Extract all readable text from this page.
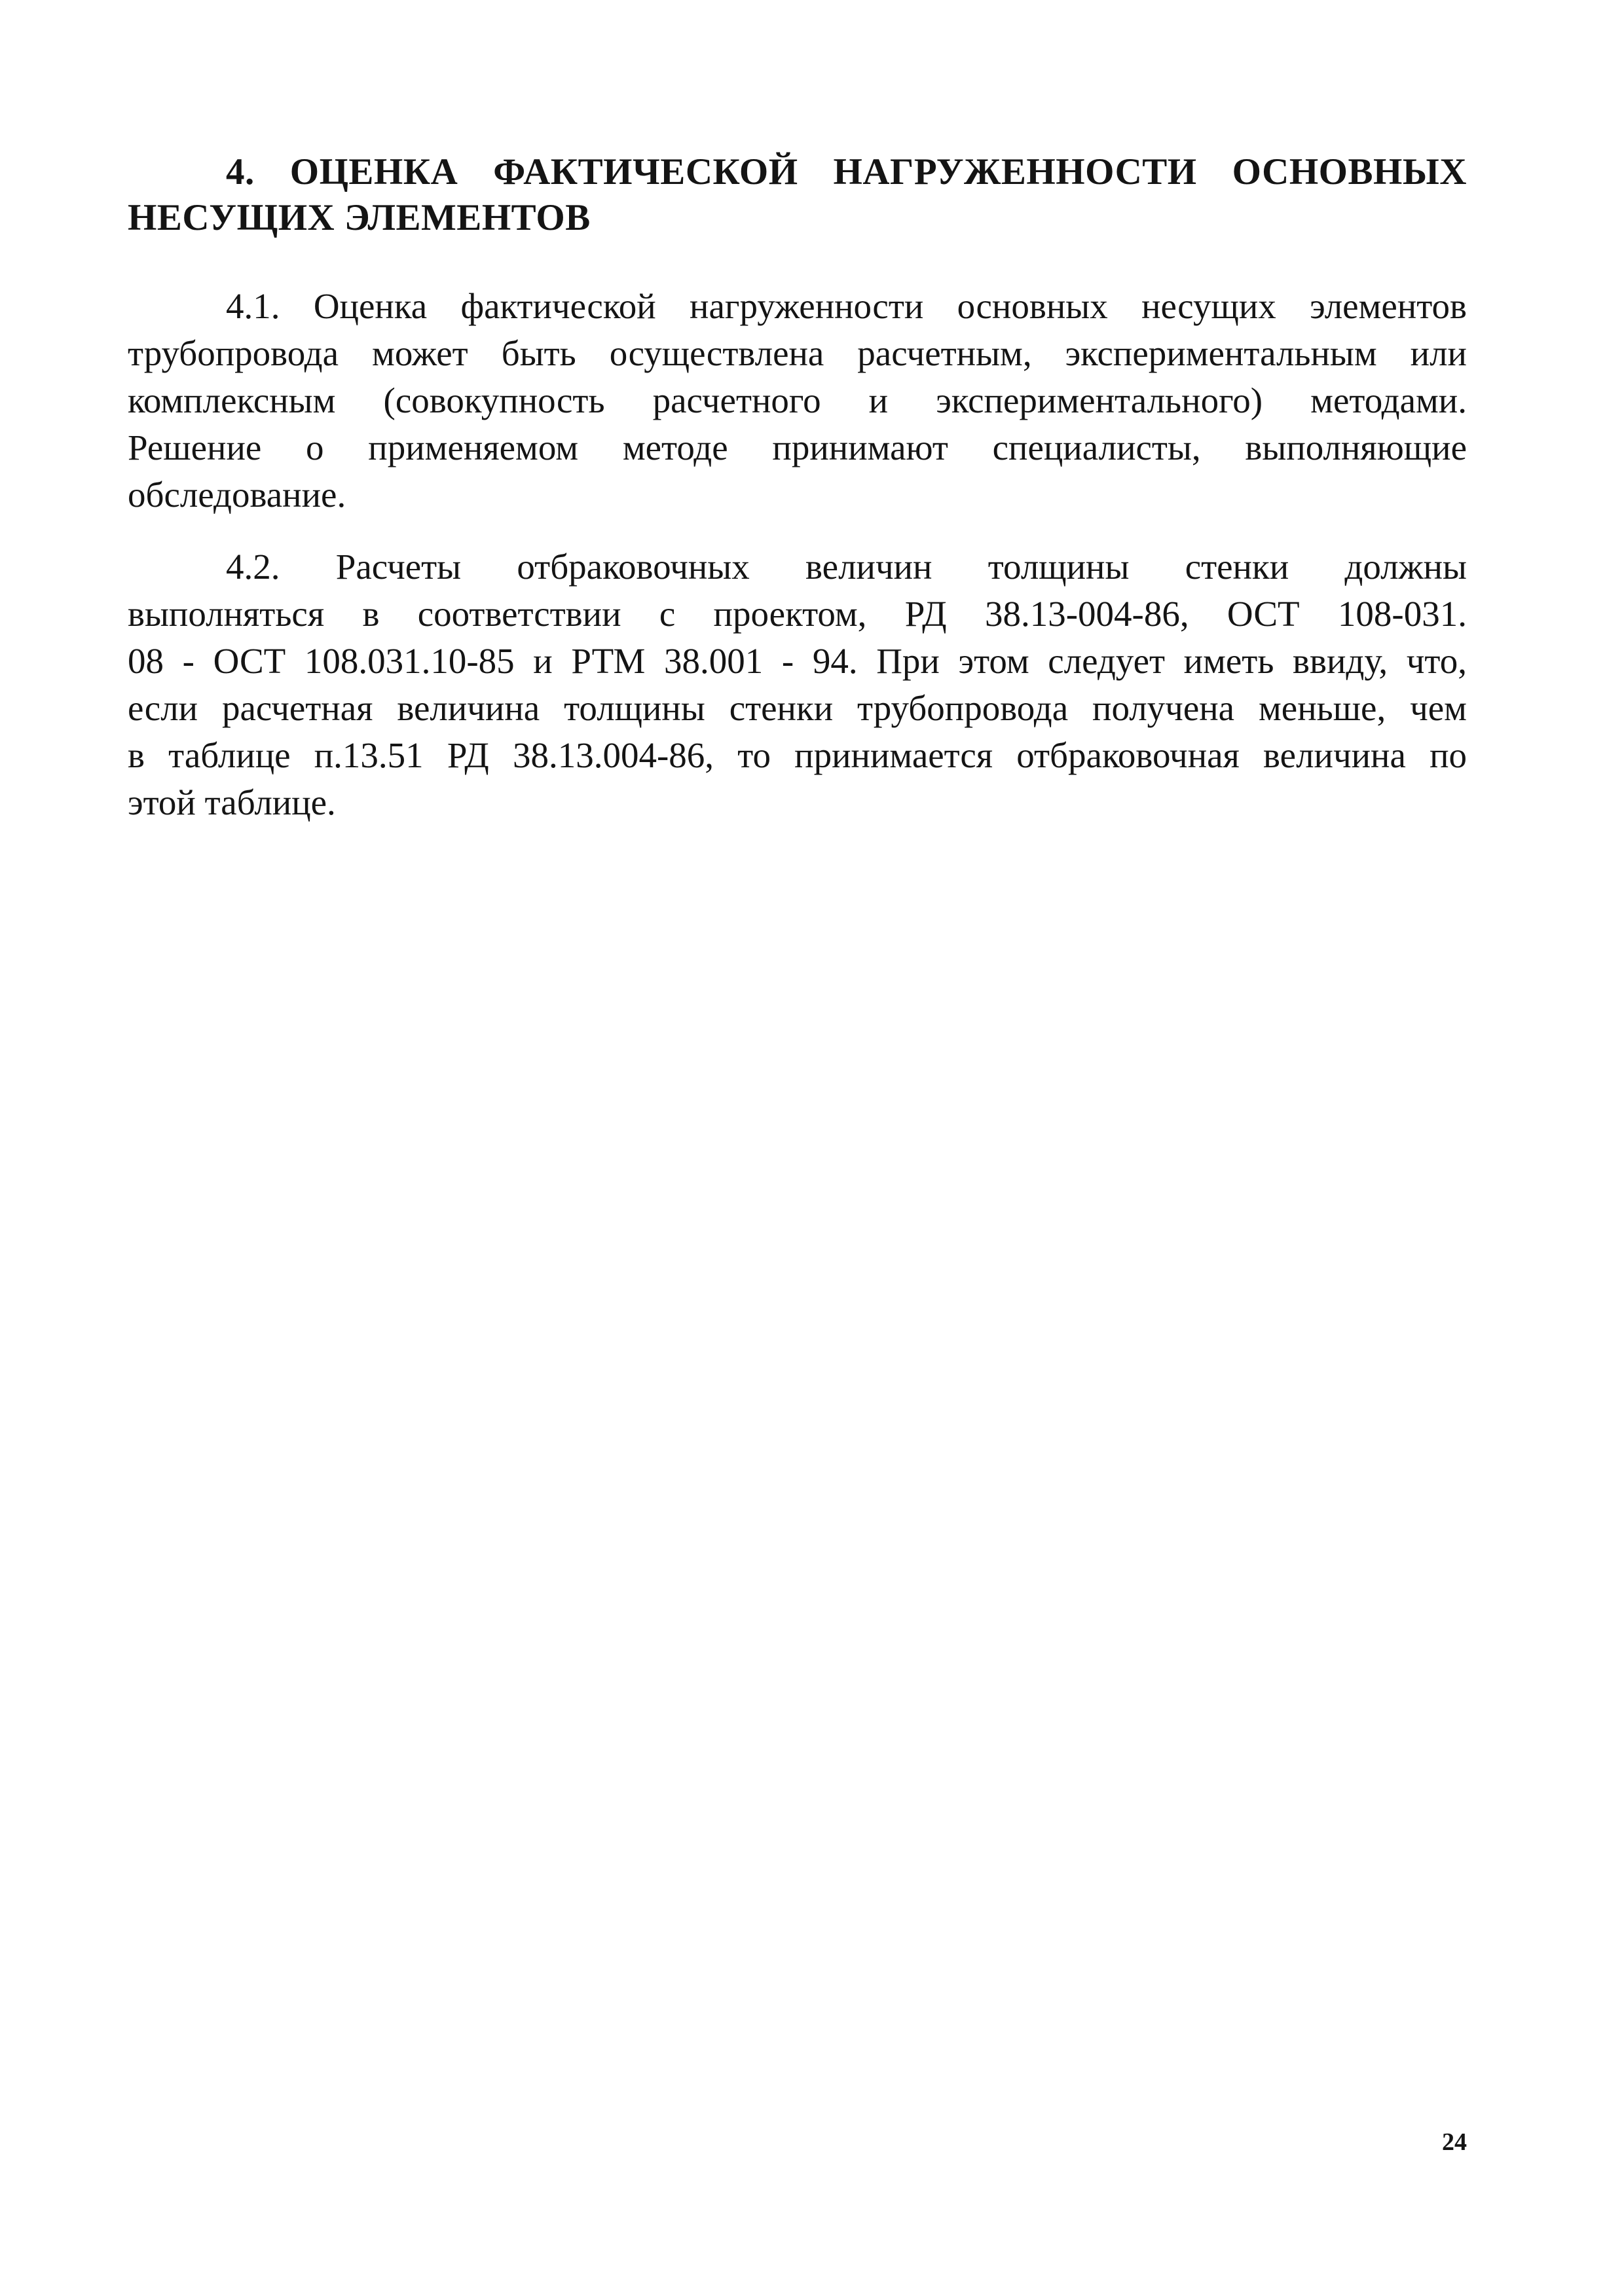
4. ОЦЕНКА ФАКТИЧЕСКОЙ НАГРУЖЕННОСТИ ОСНОВНЫХ
НЕСУЩИХ ЭЛЕМЕНТОВ
4.1. Оценка фактической нагруженности основных несущих элементов
трубопровода может быть осуществлена расчетным, экспериментальным или
комплексным (совокупность расчетного и экспериментального) методами.
Решение о применяемом методе принимают специалисты, выполняющие
обследование.
4.2. Расчеты отбраковочных величин толщины стенки должны
выполняться в соответствии с проектом, РД 38.13-004-86, ОСТ 108-031.
08 - ОСТ 108.031.10-85 и РТМ 38.001 - 94. При этом следует иметь ввиду, что,
если расчетная величина толщины стенки трубопровода получена меньше, чем
в таблице п.13.51 РД 38.13.004-86, то принимается отбраковочная величина по
этой таблице.
24
